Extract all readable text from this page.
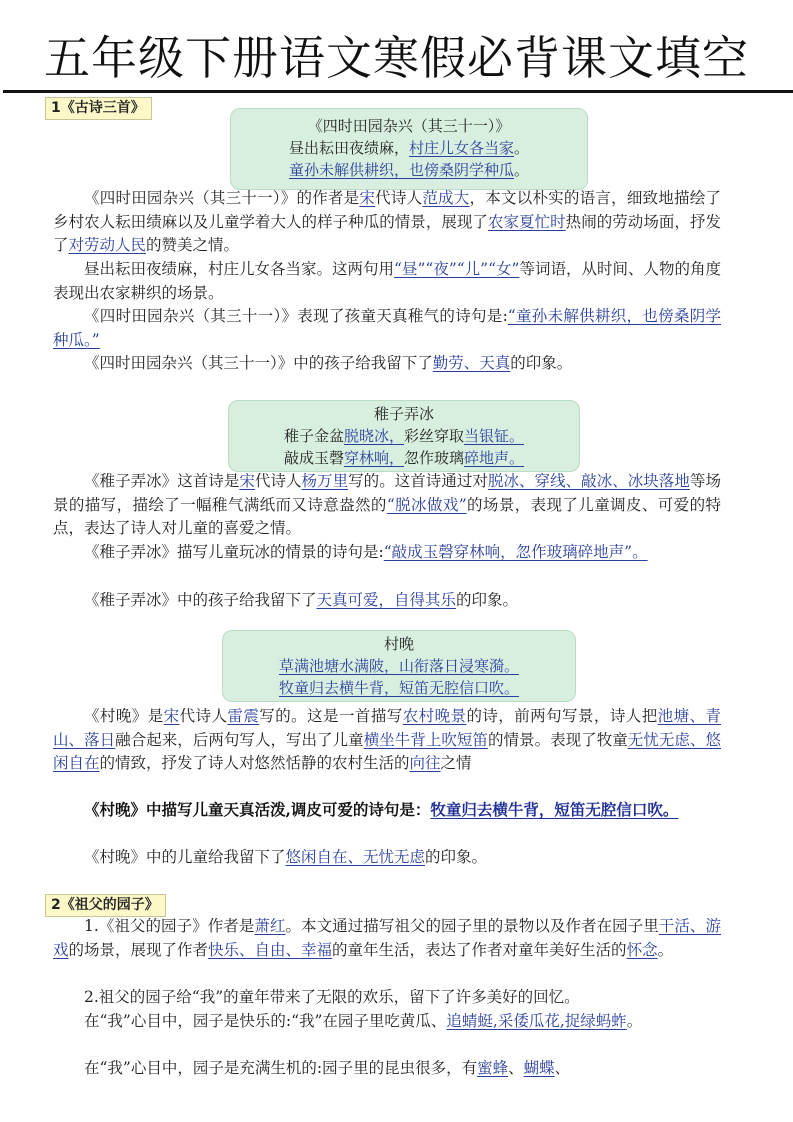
五年级下册语文寒假必背课文填空
1《古诗三首》
《四时田园杂兴（其三十一）》
昼出耘田夜绩麻，村庄儿女各当家。
童孙未解供耕织，也傍桑阴学种瓜。

《四时田园杂兴（其三十一）》的作者是宋代诗人范成大，本文以朴实的语言，细致地描绘了乡村农人耘田绩麻以及儿童学着大人的样子种瓜的情景，展现了农家夏忙时热闹的劳动场面，抒发了对劳动人民的赞美之情。

昼出耘田夜绩麻，村庄儿女各当家。这两句用“昼”“夜”“儿”“女”等词语，从时间、人物的角度表现出农家耕织的场景。

《四时田园杂兴（其三十一）》表现了孩童天真稚气的诗句是:“童孙未解供耕织，也傍桑阴学种瓜。”

《四时田园杂兴（其三十一）》中的孩子给我留下了勤劳、天真的印象。

稚子弄冰
稚子金盆脱晓冰，彩丝穿取当银钲。
敲成玉磬穿林响，忽作玻璃碎地声。

《稚子弄冰》这首诗是宋代诗人杨万里写的。这首诗通过对脱冰、穿线、敲冰、冰块落地等场景的描写，描绘了一幅稚气满纸而又诗意盎然的“脱冰做戏”的场景，表现了儿童调皮、可爱的特点，表达了诗人对儿童的喜爱之情。

《稚子弄冰》描写儿童玩冰的情景的诗句是:“敲成玉磬穿林响，忽作玻璃碎地声”。

《稚子弄冰》中的孩子给我留下了天真可爱，自得其乐的印象。

村晚
草满池塘水满陂，山衔落日浸寒漪。
牧童归去横牛背，短笛无腔信口吹。

《村晚》是宋代诗人雷震写的。这是一首描写农村晚景的诗，前两句写景，诗人把池塘、青山、落日融合起来，后两句写人，写出了儿童横坐牛背上吹短笛的情景。表现了牧童无忧无虑、悠闲自在的情致，抒发了诗人对悠然恬静的农村生活的向往之情

《村晚》中描写儿童天真活泼,调皮可爱的诗句是：牧童归去横牛背，短笛无腔信口吹。

《村晚》中的儿童给我留下了悠闲自在、无忧无虑的印象。

2《祖父的园子》

1.《祖父的园子》作者是萧红。本文通过描写祖父的园子里的景物以及作者在园子里干活、游戏的场景，展现了作者快乐、自由、幸福的童年生活，表达了作者对童年美好生活的怀念。

2.祖父的园子给“我”的童年带来了无限的欢乐，留下了许多美好的回忆。

在“我”心目中，园子是快乐的:“我”在园子里吃黄瓜、追蜻蜓,采倭瓜花,捉绿蚂蚱。

在“我”心目中，园子是充满生机的:园子里的昆虫很多，有蜜蜂、蝴蝶、
